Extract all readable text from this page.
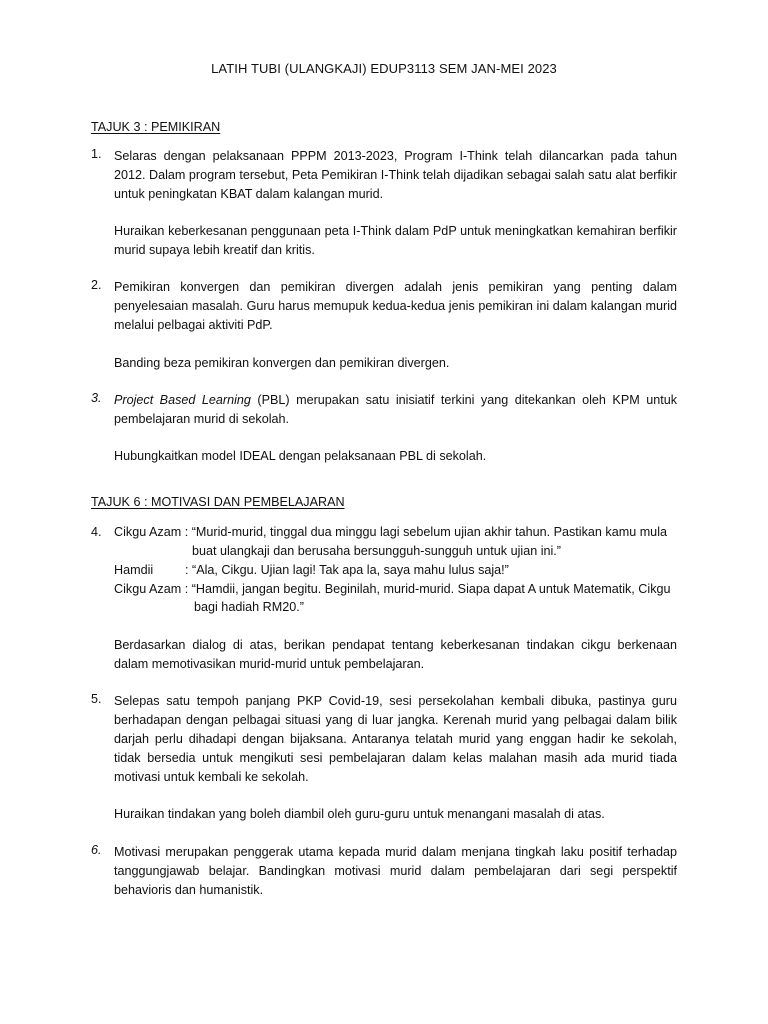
LATIH TUBI (ULANGKAJI) EDUP3113 SEM JAN-MEI 2023
TAJUK 3 : PEMIKIRAN
1. Selaras dengan pelaksanaan PPPM 2013-2023, Program I-Think telah dilancarkan pada tahun 2012. Dalam program tersebut, Peta Pemikiran I-Think telah dijadikan sebagai salah satu alat berfikir untuk peningkatan KBAT dalam kalangan murid.
Huraikan keberkesanan penggunaan peta I-Think dalam PdP untuk meningkatkan kemahiran berfikir murid supaya lebih kreatif dan kritis.
2. Pemikiran konvergen dan pemikiran divergen adalah jenis pemikiran yang penting dalam penyelesaian masalah. Guru harus memupuk kedua-kedua jenis pemikiran ini dalam kalangan murid melalui pelbagai aktiviti PdP.
Banding beza pemikiran konvergen dan pemikiran divergen.
3. Project Based Learning (PBL) merupakan satu inisiatif terkini yang ditekankan oleh KPM untuk pembelajaran murid di sekolah.
Hubungkaitkan model IDEAL dengan pelaksanaan PBL di sekolah.
TAJUK 6 : MOTIVASI DAN PEMBELAJARAN
4. Cikgu Azam : “Murid-murid, tinggal dua minggu lagi sebelum ujian akhir tahun. Pastikan kamu mula
buat ulangkaji dan berusaha bersungguh-sungguh untuk ujian ini.”
Hamdii	: “Ala, Cikgu. Ujian lagi! Tak apa la, saya mahu lulus saja!”
Cikgu Azam : “Hamdii, jangan begitu. Beginilah, murid-murid. Siapa dapat A untuk Matematik, Cikgu
bagi hadiah RM20.”
Berdasarkan dialog di atas, berikan pendapat tentang keberkesanan tindakan cikgu berkenaan dalam memotivasikan murid-murid untuk pembelajaran.
5. Selepas satu tempoh panjang PKP Covid-19, sesi persekolahan kembali dibuka, pastinya guru berhadapan dengan pelbagai situasi yang di luar jangka. Kerenah murid yang pelbagai dalam bilik darjah perlu dihadapi dengan bijaksana. Antaranya telatah murid yang enggan hadir ke sekolah, tidak bersedia untuk mengikuti sesi pembelajaran dalam kelas malahan masih ada murid tiada motivasi untuk kembali ke sekolah.
Huraikan tindakan yang boleh diambil oleh guru-guru untuk menangani masalah di atas.
6. Motivasi merupakan penggerak utama kepada murid dalam menjana tingkah laku positif terhadap tanggungjawab belajar. Bandingkan motivasi murid dalam pembelajaran dari segi perspektif behavioris dan humanistik.
